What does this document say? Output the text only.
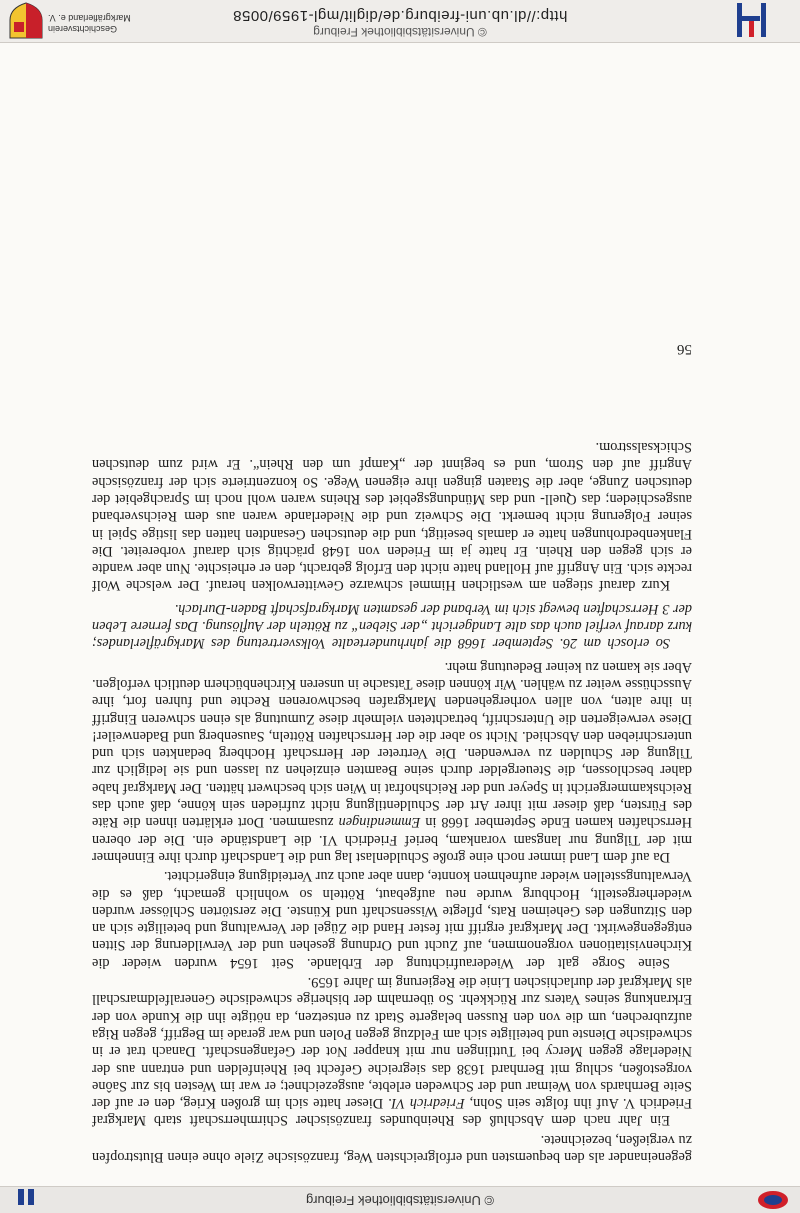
© Universitätsbibliothek Freiburg

gegeneinander als den bequemsten und erfolgreichsten Weg, französische Ziele ohne einen Blutstropfen zu vergießen, bezeichnete.

Ein Jahr nach dem Abschluß des Rheinbundes französischer Schirmherrschaft starb Markgraf Friedrich V. Auf ihn folgte sein Sohn, Friedrich VI. Dieser hatte sich im großen Krieg, den er auf der Seite Bernhards von Weimar und der Schweden erlebte, ausgezeichnet; er war im Westen bis zur Saône vorgestoßen, schlug mit Bernhard 1638 das siegreiche Gefecht bei Rheinfelden und entrann aus der Niederlage gegen Mercy bei Tuttlingen nur mit knapper Not der Gefangenschaft. Danach trat er in schwedische Dienste und beteiligte sich am Feldzug gegen Polen und war gerade im Begriff, gegen Riga aufzubrechen, um die von den Russen belagerte Stadt zu entsetzen, da nötigte ihn die Kunde von der Erkrankung seines Vaters zur Rückkehr. So übernahm der bisherige schwedische Generalfeldmarschall als Markgraf der durlachischen Linie die Regierung im Jahre 1659.

Seine Sorge galt der Wiederaufrichtung der Erblande. Seit 1654 wurden wieder die Kirchenvisitationen vorgenommen, auf Zucht und Ordnung gesehen und der Verwilderung der Sitten entgegengewirkt. Der Markgraf ergriff mit fester Hand die Zügel der Verwaltung und beteiligte sich an den Sitzungen des Geheimen Rats, pflegte Wissenschaft und Künste. Die zerstörten Schlösser wurden wiederhergestellt, Hochburg wurde neu aufgebaut, Rötteln so wohnlich gemacht, daß es die Verwaltungsstellen wieder aufnehmen konnte, dann aber auch zur Verteidigung eingerichtet.

Da auf dem Land immer noch eine große Schuldenlast lag und die Landschaft durch ihre Einnehmer mit der Tilgung nur langsam vorankam, berief Friedrich VI. die Landstände ein. Die der oberen Herrschaften kamen Ende September 1668 in Emmendingen zusammen. Dort erklärten ihnen die Räte des Fürsten, daß dieser mit ihrer Art der Schuldentilgung nicht zufrieden sein könne, daß auch das Reichskammergericht in Speyer und der Reichshofrat in Wien sich beschwert hätten. Der Markgraf habe daher beschlossen, die Steuergelder durch seine Beamten einziehen zu lassen und sie lediglich zur Tilgung der Schulden zu verwenden. Die Vertreter der Herrschaft Hochberg bedankten sich und unterschrieben den Abschied. Nicht so aber die der Herrschaften Rötteln, Sausenberg und Badenweiler! Diese verweigerten die Unterschrift, betrachteten vielmehr diese Zumutung als einen schweren Eingriff in ihre alten, von allen vorhergehenden Markgrafen beschworenen Rechte und fuhren fort, ihre Ausschüsse weiter zu wählen. Wir können diese Tatsache in unseren Kirchenbüchern deutlich verfolgen. Aber sie kamen zu keiner Bedeutung mehr.

So erlosch am 26. September 1668 die jahrhundertealte Volksvertretung des Markgräflerlandes; kurz darauf verfiel auch das alte Landgericht „der Sieben“ zu Rötteln der Auflösung. Das fernere Leben der 3 Herrschaften bewegt sich im Verband der gesamten Markgrafschaft Baden-Durlach.

Kurz darauf stiegen am westlichen Himmel schwarze Gewitterwolken herauf. Der welsche Wolf reckte sich. Ein Angriff auf Holland hatte nicht den Erfolg gebracht, den er erheischte. Nun aber wandte er sich gegen den Rhein. Er hatte ja im Frieden von 1648 prächtig sich darauf vorbereitet. Die Flankenbedrohungen hatte er damals beseitigt, und die deutschen Gesandten hatten das listige Spiel in seiner Folgerung nicht bemerkt. Die Schweiz und die Niederlande waren aus dem Reichsverband ausgeschieden; das Quell- und das Mündungsgebiet des Rheins waren wohl noch im Sprachgebiet der deutschen Zunge, aber die Staaten gingen ihre eigenen Wege. So konzentrierte sich der französische Angriff auf den Strom, und es beginnt der „Kampf um den Rhein“. Er wird zum deutschen Schicksalsstrom.

56
© Universitätsbibliothek Freiburg
http://dl.ub.uni-freiburg.de/diglit/mgl-1959/0058
Geschichtsverein Markgräflerland e. V.
